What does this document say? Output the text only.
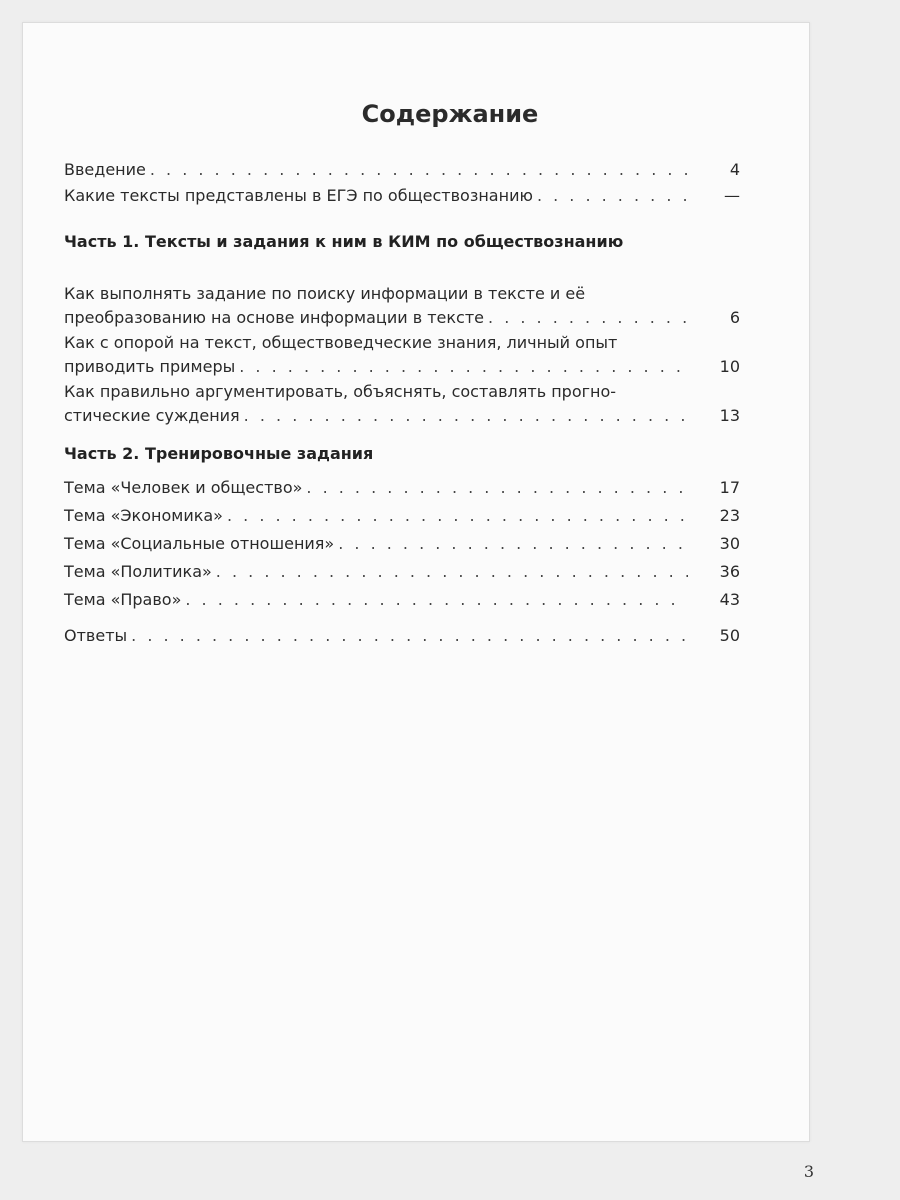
Содержание
Введение . . .	4
Какие тексты представлены в ЕГЭ по обществознанию . . .	—
Часть 1. Тексты и задания к ним в КИМ по обществознанию
Как выполнять задание по поиску информации в тексте и её
преобразованию на основе информации в тексте . . .	6
Как с опорой на текст, обществоведческие знания, личный опыт
приводить примеры . . .	10
Как правильно аргументировать, объяснять, составлять прогно-
стические суждения . . .	13
Часть 2. Тренировочные задания
Тема «Человек и общество» . . .	17
Тема «Экономика» . . .	23
Тема «Социальные отношения» . . .	30
Тема «Политика» . . .	36
Тема «Право» . . .	43
Ответы . . .	50
3
